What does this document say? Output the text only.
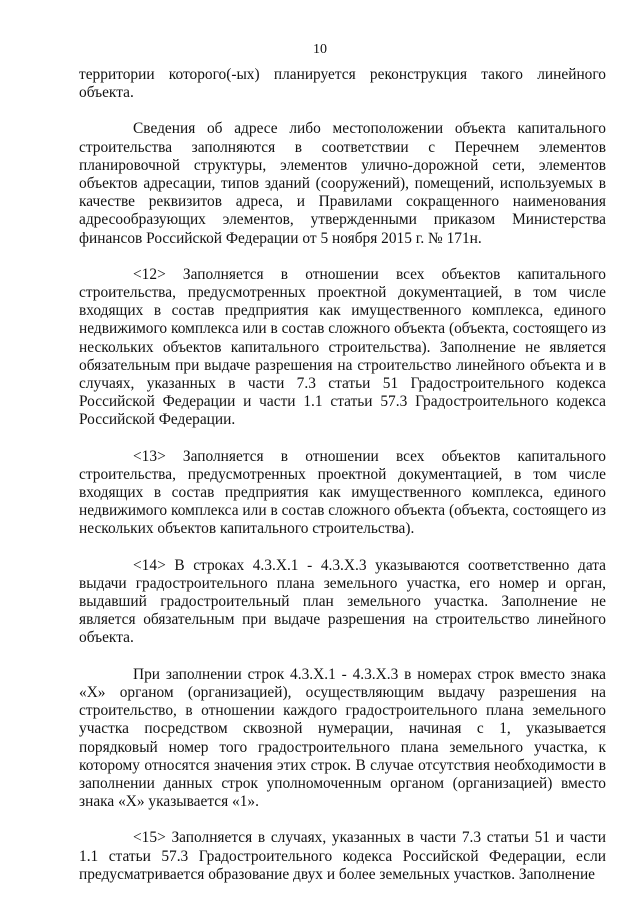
10

территории которого(-ых) планируется реконструкция такого линейного объекта.

Сведения об адресе либо местоположении объекта капитального строительства заполняются в соответствии с Перечнем элементов планировочной структуры, элементов улично-дорожной сети, элементов объектов адресации, типов зданий (сооружений), помещений, используемых в качестве реквизитов адреса, и Правилами сокращенного наименования адресообразующих элементов, утвержденными приказом Министерства финансов Российской Федерации от 5 ноября 2015 г. № 171н.

<12> Заполняется в отношении всех объектов капитального строительства, предусмотренных проектной документацией, в том числе входящих в состав предприятия как имущественного комплекса, единого недвижимого комплекса или в состав сложного объекта (объекта, состоящего из нескольких объектов капитального строительства). Заполнение не является обязательным при выдаче разрешения на строительство линейного объекта и в случаях, указанных в части 7.3 статьи 51 Градостроительного кодекса Российской Федерации и части 1.1 статьи 57.3 Градостроительного кодекса Российской Федерации.

<13> Заполняется в отношении всех объектов капитального строительства, предусмотренных проектной документацией, в том числе входящих в состав предприятия как имущественного комплекса, единого недвижимого комплекса или в состав сложного объекта (объекта, состоящего из нескольких объектов капитального строительства).

<14> В строках 4.3.Х.1 - 4.3.Х.3 указываются соответственно дата выдачи градостроительного плана земельного участка, его номер и орган, выдавший градостроительный план земельного участка. Заполнение не является обязательным при выдаче разрешения на строительство линейного объекта.

При заполнении строк 4.3.Х.1 - 4.3.Х.3 в номерах строк вместо знака «Х» органом (организацией), осуществляющим выдачу разрешения на строительство, в отношении каждого градостроительного плана земельного участка посредством сквозной нумерации, начиная с 1, указывается порядковый номер того градостроительного плана земельного участка, к которому относятся значения этих строк. В случае отсутствия необходимости в заполнении данных строк уполномоченным органом (организацией) вместо знака «Х» указывается «1».

<15> Заполняется в случаях, указанных в части 7.3 статьи 51 и части 1.1 статьи 57.3 Градостроительного кодекса Российской Федерации, если предусматривается образование двух и более земельных участков. Заполнение
